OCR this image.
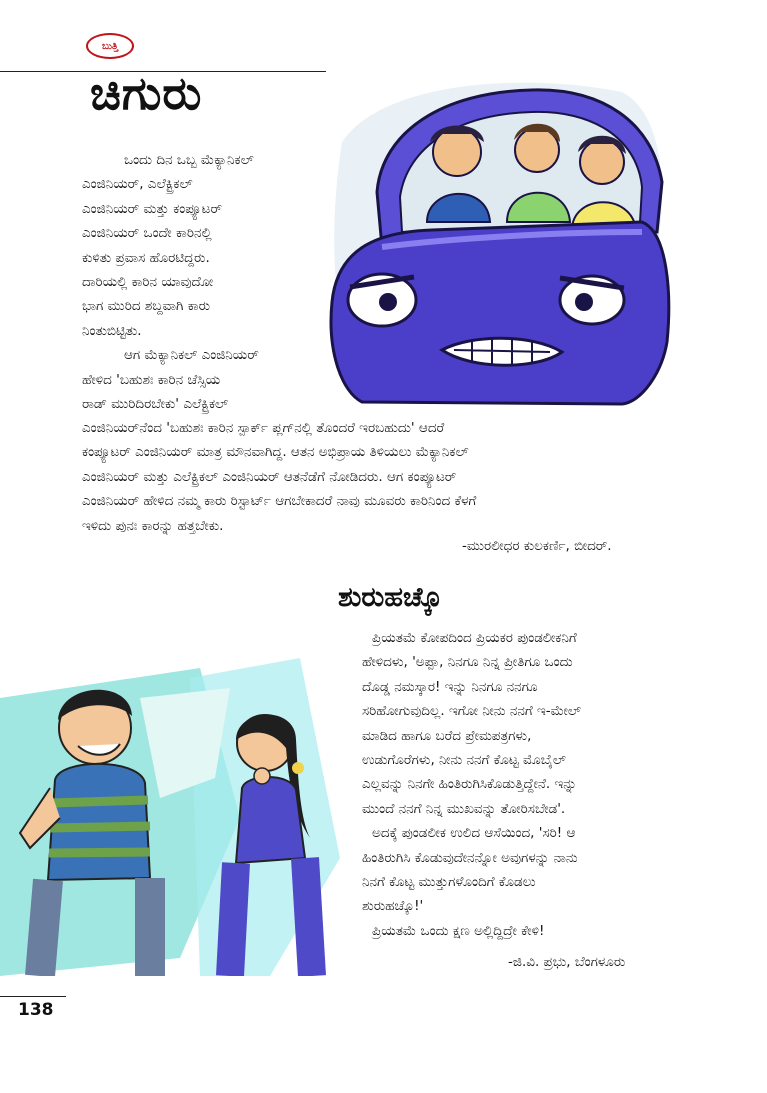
ಬುತ್ತಿ
ಚಿಗುರು

ಒಂದು ದಿನ ಒಬ್ಬ ಮೆಕ್ಯಾನಿಕಲ್

ಎಂಜಿನಿಯರ್, ಎಲೆಕ್ಟ್ರಿಕಲ್

ಎಂಜಿನಿಯರ್ ಮತ್ತು ಕಂಪ್ಯೂಟರ್

ಎಂಜಿನಿಯರ್ ಒಂದೇ ಕಾರಿನಲ್ಲಿ

ಕುಳಿತು ಪ್ರವಾಸ ಹೊರಟಿದ್ದರು.

ದಾರಿಯಲ್ಲಿ ಕಾರಿನ ಯಾವುದೋ

ಭಾಗ ಮುರಿದ ಶಬ್ದವಾಗಿ ಕಾರು

ನಿಂತುಬಿಟ್ಟಿತು.

ಆಗ ಮೆಕ್ಯಾನಿಕಲ್ ಎಂಜಿನಿಯರ್

ಹೇಳಿದ 'ಬಹುಶಃ ಕಾರಿನ ಚೆಸ್ಸಿಯ

ರಾಡ್ ಮುರಿದಿರಬೇಕು' ಎಲೆಕ್ಟ್ರಿಕಲ್

ಎಂಜಿನಿಯರ್‌ನೆಂದ 'ಬಹುಶಃ ಕಾರಿನ ಸ್ಪಾರ್ಕ್ ಪ್ಲಗ್‌ನಲ್ಲಿ ತೊಂದರೆ ಇರಬಹುದು' ಆದರೆ

ಕಂಪ್ಯೂಟರ್ ಎಂಜಿನಿಯರ್ ಮಾತ್ರ ಮೌನವಾಗಿದ್ದ. ಆತನ ಅಭಿಪ್ರಾಯ ತಿಳಿಯಲು ಮೆಕ್ಯಾನಿಕಲ್

ಎಂಜಿನಿಯರ್ ಮತ್ತು ಎಲೆಕ್ಟ್ರಿಕಲ್ ಎಂಜಿನಿಯರ್ ಆತನೆಡೆಗೆ ನೋಡಿದರು. ಆಗ ಕಂಪ್ಯೂಟರ್

ಎಂಜಿನಿಯರ್ ಹೇಳಿದ ನಮ್ಮ ಕಾರು ರಿಸ್ಟಾರ್ಟ್ ಆಗಬೇಕಾದರೆ ನಾವು ಮೂವರು ಕಾರಿನಿಂದ ಕೆಳಗೆ

ಇಳಿದು ಪುನಃ ಕಾರನ್ನು ಹತ್ತಬೇಕು.

-ಮುರಲೀಧರ ಕುಲಕರ್ಣಿ, ಬೀದರ್.
ಶುರುಹಚ್ಕೊ

ಪ್ರಿಯತಮೆ ಕೋಪದಿಂದ ಪ್ರಿಯಕರ ಪುಂಡಲೀಕನಿಗೆ

ಹೇಳಿದಳು, 'ಅಪ್ಪಾ, ನಿನಗೂ ನಿನ್ನ ಪ್ರೀತಿಗೂ ಒಂದು

ದೊಡ್ಡ ನಮಸ್ಕಾರ! ಇನ್ನು ನಿನಗೂ ನನಗೂ

ಸರಿಹೋಗುವುದಿಲ್ಲ. ಇಗೋ ನೀನು ನನಗೆ ಇ-ಮೇಲ್

ಮಾಡಿದ ಹಾಗೂ ಬರೆದ ಪ್ರೇಮಪತ್ರಗಳು,

ಉಡುಗೊರೆಗಳು, ನೀನು ನನಗೆ ಕೊಟ್ಟ ಮೊಬೈಲ್

ಎಲ್ಲವನ್ನು ನಿನಗೇ ಹಿಂತಿರುಗಿಸಿಕೊಡುತ್ತಿದ್ದೇನೆ. ಇನ್ನು

ಮುಂದೆ ನನಗೆ ನಿನ್ನ ಮುಖವನ್ನು ತೋರಿಸಬೇಡ'.

ಅದಕ್ಕೆ ಪುಂಡಲೀಕ ಉಲಿದ ಆಸೆಯಿಂದ, 'ಸರಿ! ಆ

ಹಿಂತಿರುಗಿಸಿ ಕೊಡುವುದೇನನ್ನೋ ಅವುಗಳನ್ನು ನಾನು

ನಿನಗೆ ಕೊಟ್ಟ ಮುತ್ತುಗಳೊಂದಿಗೆ ಕೊಡಲು

ಶುರುಹಚ್ಕೊ!'

ಪ್ರಿಯತಮೆ ಒಂದು ಕ್ಷಣ ಅಲ್ಲಿದ್ದಿದ್ರೇ ಕೇಳಿ!

-ಜಿ.ವಿ. ಪ್ರಭು, ಬೆಂಗಳೂರು
138
